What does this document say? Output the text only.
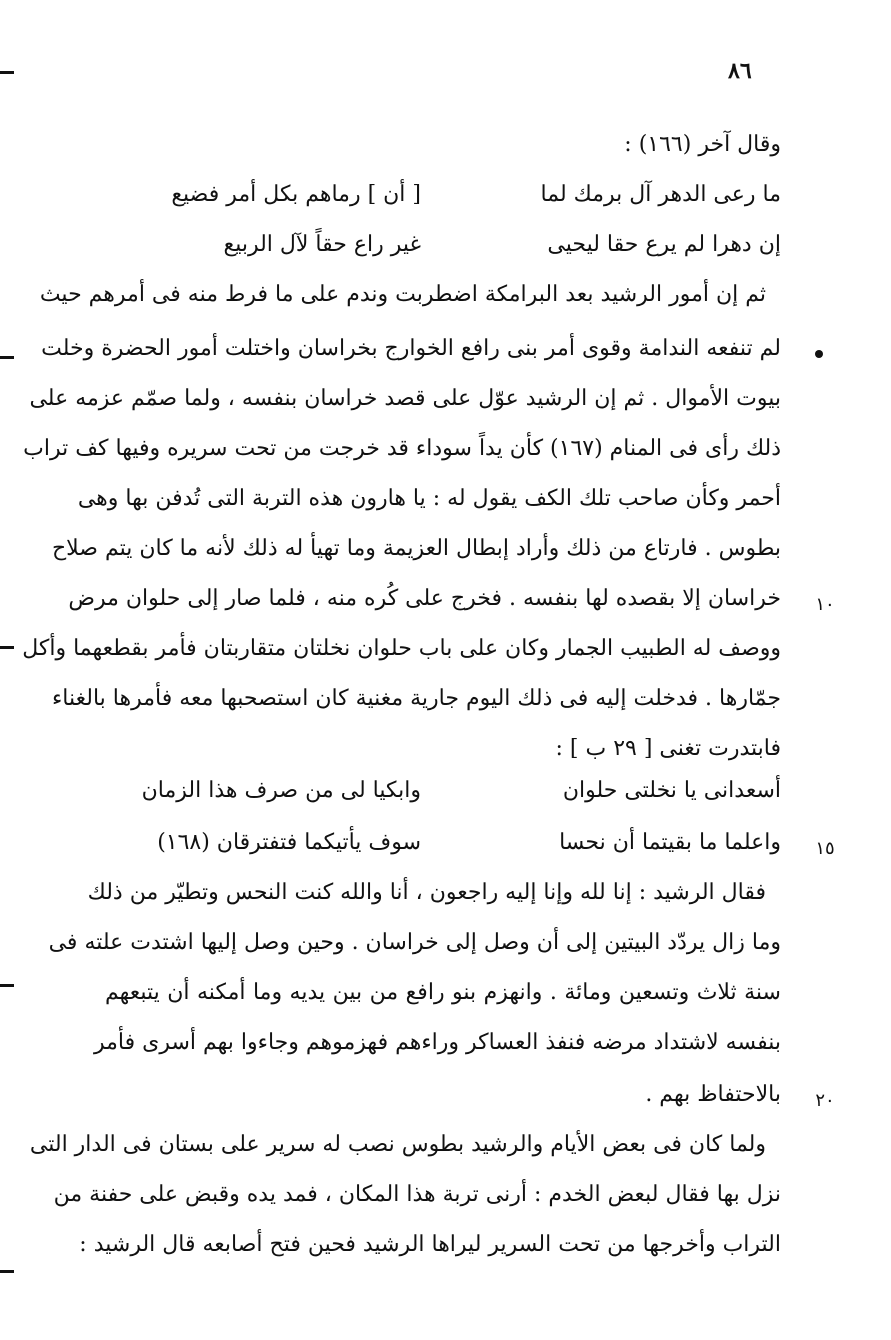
٨٦
وقال آخر (١٦٦) :
ما رعى الدهر آل برمك لما
[ أن ] رماهم بكل أمر فضيع
إن دهرا لم يرع حقا ليحيى
غير راع حقاً لآل الربيع
ثم إن أمور الرشيد بعد البرامكة اضطربت وندم على ما فرط منه فى أمرهم حيث
لم تنفعه الندامة وقوى أمر بنى رافع الخوارج بخراسان واختلت أمور الحضرة وخلت
بيوت الأموال . ثم إن الرشيد عوّل على قصد خراسان بنفسه ، ولما صمّم عزمه على
ذلك رأى فى المنام (١٦٧) كأن يداً سوداء قد خرجت من تحت سريره وفيها كف تراب
أحمر وكأن صاحب تلك الكف يقول له : يا هارون هذه التربة التى تُدفن بها وهى
بطوس . فارتاع من ذلك وأراد إبطال العزيمة وما تهيأ له ذلك لأنه ما كان يتم صلاح
خراسان إلا بقصده لها بنفسه . فخرج على كُره منه ، فلما صار إلى حلوان مرض
ووصف له الطبيب الجمار وكان على باب حلوان نخلتان متقاربتان فأمر بقطعهما وأكل
جمّارها . فدخلت إليه فى ذلك اليوم جارية مغنية كان استصحبها معه فأمرها بالغناء
فابتدرت تغنى [ ٢٩ ب ] :
أسعدانى يا نخلتى حلوان
وابكيا لى من صرف هذا الزمان
واعلما ما بقيتما أن نحسا
سوف يأتيكما فتفترقان (١٦٨)
فقال الرشيد : إنا لله وإنا إليه راجعون ، أنا والله كنت النحس وتطيّر من ذلك
وما زال يردّد البيتين إلى أن وصل إلى خراسان . وحين وصل إليها اشتدت علته فى
سنة ثلاث وتسعين ومائة . وانهزم بنو رافع من بين يديه وما أمكنه أن يتبعهم
بنفسه لاشتداد مرضه فنفذ العساكر وراءهم فهزموهم وجاءوا بهم أسرى فأمر
بالاحتفاظ بهم .
ولما كان فى بعض الأيام والرشيد بطوس نصب له سرير على بستان فى الدار التى
نزل بها فقال لبعض الخدم : أرنى تربة هذا المكان ، فمد يده وقبض على حفنة من
التراب وأخرجها من تحت السرير ليراها الرشيد فحين فتح أصابعه قال الرشيد :
١٠
١٥
٢٠
